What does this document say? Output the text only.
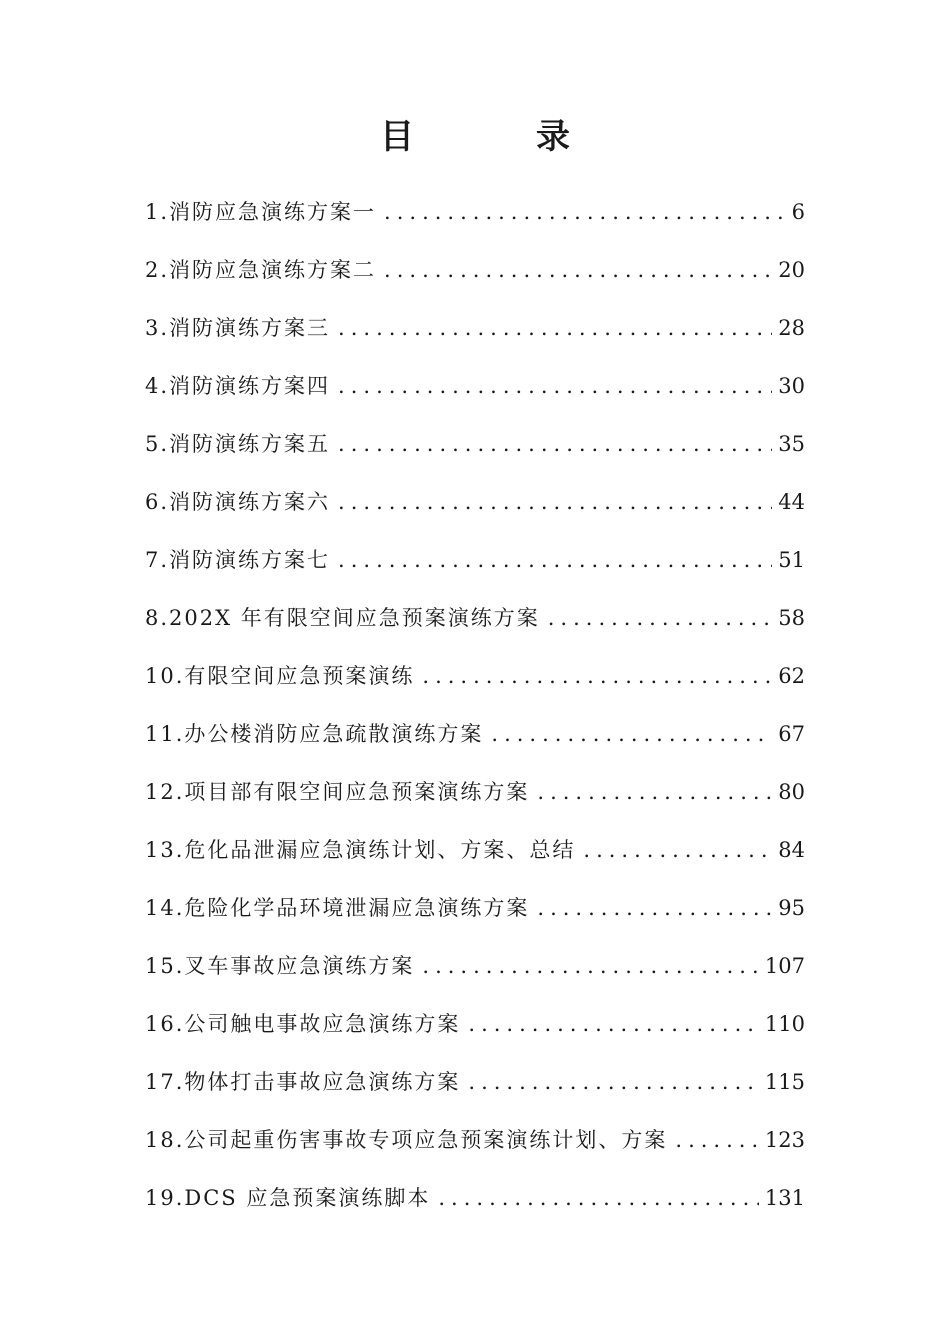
目　录
1.消防应急演练方案一 .....	6
2.消防应急演练方案二 .....	20
3.消防演练方案三 .....	28
4.消防演练方案四 .....	30
5.消防演练方案五 .....	35
6.消防演练方案六 .....	44
7.消防演练方案七 .....	51
8.202X 年有限空间应急预案演练方案 .....	58
10.有限空间应急预案演练 .....	62
11.办公楼消防应急疏散演练方案 .....	67
12.项目部有限空间应急预案演练方案 .....	80
13.危化品泄漏应急演练计划、方案、总结 .....	84
14.危险化学品环境泄漏应急演练方案 .....	95
15.叉车事故应急演练方案 .....	107
16.公司触电事故应急演练方案 .....	110
17.物体打击事故应急演练方案 .....	115
18.公司起重伤害事故专项应急预案演练计划、方案 .....	123
19.DCS 应急预案演练脚本 .....	131
